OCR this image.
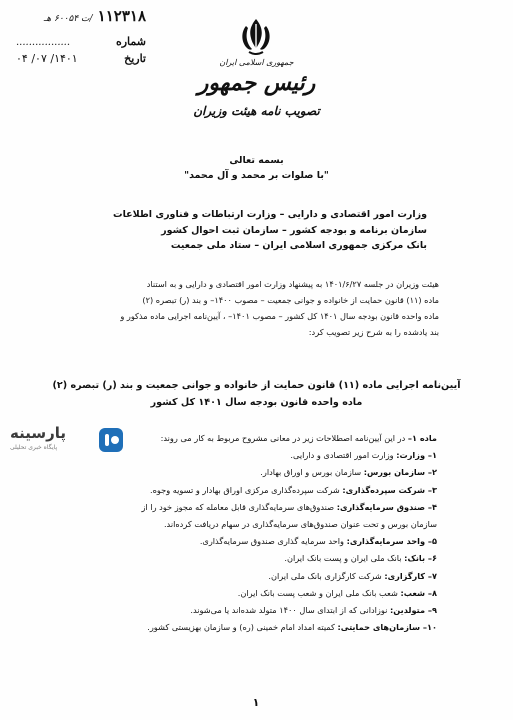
۱۱۲۳۱۸ /ت ۶۰۰۵۴ هـ
شماره
.................
تاریخ
۱۴۰۱/ ۰۷/ ۰۴	جمهوری اسلامی ایران
رئیس جمهور
تصویب نامه هیئت وزیران
بسمه تعالی
"با صلوات بر محمد و آل محمد"
وزارت امور اقتصادی و دارایی – وزارت ارتباطات و فناوری اطلاعات
سازمان برنامه و بودجه کشور – سازمان ثبت احوال کشور
بانک مرکزی جمهوری اسلامی ایران – ستاد ملی جمعیت
هیئت وزیران در جلسه ۱۴۰۱/۶/۲۷ به پیشنهاد وزارت امور اقتصادی و دارایی و به استناد
ماده (۱۱) قانون حمایت از خانواده و جوانی جمعیت – مصوب ۱۴۰۰– و بند (ر) تبصره (۲)
ماده واحده قانون بودجه سال ۱۴۰۱ کل کشور – مصوب ۱۴۰۱– ، آیین‌نامه اجرایی ماده مذکور و
بند یادشده را به شرح زیر تصویب کرد:
آیین‌نامه اجرایی ماده (۱۱) قانون حمایت از خانواده و جوانی جمعیت و بند (ر) تبصره (۲)
ماده واحده قانون بودجه سال ۱۴۰۱ کل کشور
پارسینه
پایگاه خبری تحلیلی
ماده ۱– در این آیین‌نامه اصطلاحات زیر در معانی مشروح مربوط به کار می روند:
۱– وزارت: وزارت امور اقتصادی و دارایی.
۲– سازمان بورس: سازمان بورس و اوراق بهادار.
۳– شرکت سپرده‌گذاری: شرکت سپرده‌گذاری مرکزی اوراق بهادار و تسویه وجوه.
۴– صندوق سرمایه‌گذاری: صندوق‌های سرمایه‌گذاری قابل معامله که مجوز خود را از
سازمان بورس و تحت عنوان صندوق‌های سرمایه‌گذاری در سهام دریافت کرده‌اند.
۵– واحد سرمایه‌گذاری: واحد سرمایه گذاری صندوق سرمایه‌گذاری.
۶– بانک: بانک ملی ایران و پست بانک ایران.
۷– کارگزاری: شرکت کارگزاری بانک ملی ایران.
۸– شعب: شعب بانک ملی ایران و شعب پست بانک ایران.
۹– متولدین: نوزادانی که از ابتدای سال ۱۴۰۰ متولد شده‌اند یا می‌شوند.
۱۰– سازمان‌های حمایتی: کمیته امداد امام خمینی (ره) و سازمان بهزیستی کشور.
۱
